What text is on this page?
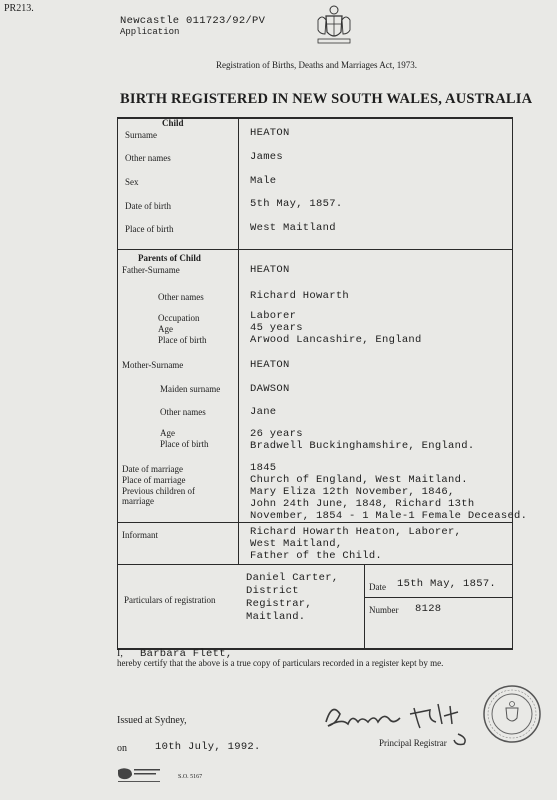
PR213.
Newcastle 011723/92/PV
Application
Registration of Births, Deaths and Marriages Act, 1973.
BIRTH REGISTERED IN NEW SOUTH WALES, AUSTRALIA
Child
Surname	HEATON
Other names	James
Sex	Male
Date of birth	5th May, 1857.
Place of birth	West Maitland
Parents of Child
Father-Surname	HEATON
Other names	Richard Howarth
Occupation	Laborer
Age	45 years
Place of birth	Arwood Lancashire, England
Mother-Surname	HEATON
Maiden surname	DAWSON
Other names	Jane
Age	26 years
Place of birth	Bradwell Buckinghamshire, England.
Date of marriage	1845
Place of marriage	Church of England, West Maitland.
Previous children of
marriage
Mary Eliza 12th November, 1846,
John 24th June, 1848, Richard 13th
November, 1854 - 1 Male-1 Female Deceased.
Informant	Richard Howarth Heaton, Laborer,
West Maitland,
Father of the Child.
Particulars of registration
Daniel Carter,
District
Registrar,
Maitland.
Date 15th May, 1857.
Number 8128
I, Barbara Flett,
hereby certify that the above is a true copy of particulars recorded in a register kept by me.
Issued at Sydney,
on	10th July, 1992.	Principal Registrar
S.O. 5167
